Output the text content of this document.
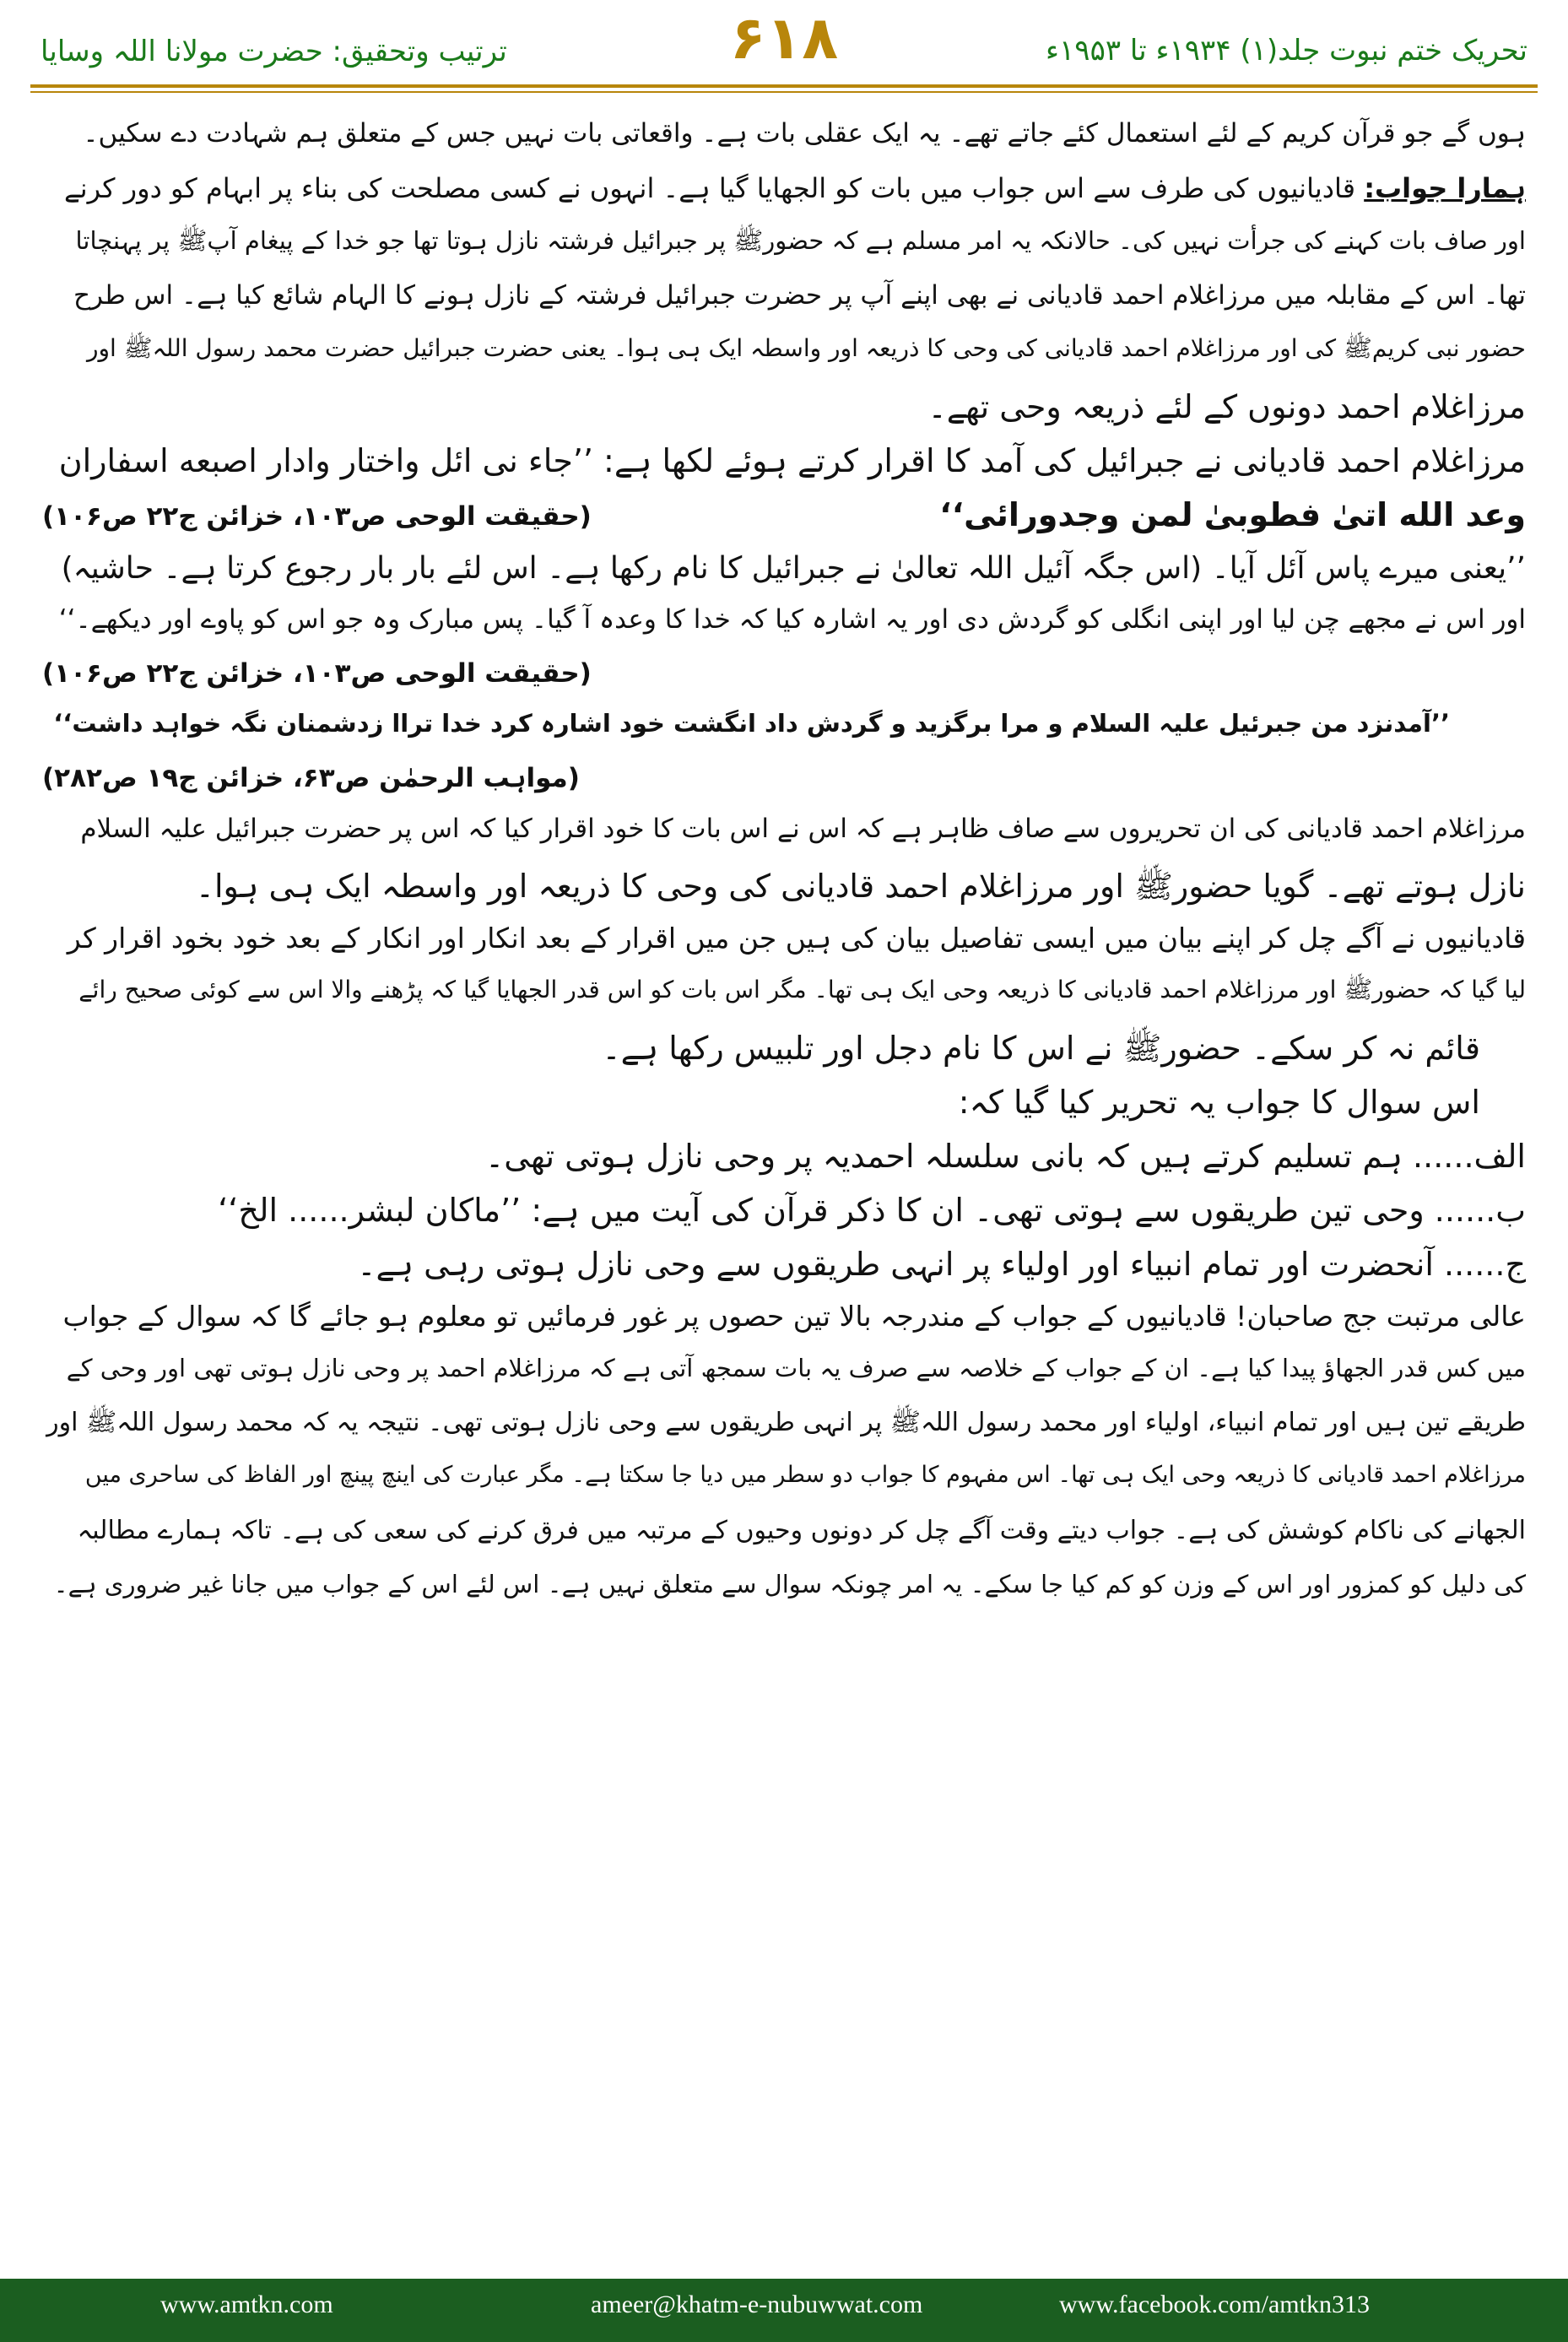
تحریک ختم نبوت جلد(۱) ۱۹۳۴ء تا ۱۹۵۳ء
۶۱۸
ترتیب وتحقیق: حضرت مولانا اللہ وسایا
ہوں گے جو قرآن کریم کے لئے استعمال کئے جاتے تھے۔ یہ ایک عقلی بات ہے۔ واقعاتی بات نہیں جس کے متعلق ہم شہادت دے سکیں۔
ہمارا جواب: قادیانیوں کی طرف سے اس جواب میں بات کو الجھایا گیا ہے۔ انہوں نے کسی مصلحت کی بناء پر ابہام کو دور کرنے
اور صاف بات کہنے کی جرأت نہیں کی۔ حالانکہ یہ امر مسلم ہے کہ حضورﷺ پر جبرائیل فرشتہ نازل ہوتا تھا جو خدا کے پیغام آپﷺ پر پہنچاتا
تھا۔ اس کے مقابلہ میں مرزاغلام احمد قادیانی نے بھی اپنے آپ پر حضرت جبرائیل فرشتہ کے نازل ہونے کا الہام شائع کیا ہے۔ اس طرح
حضور نبی کریمﷺ کی اور مرزاغلام احمد قادیانی کی وحی کا ذریعہ اور واسطہ ایک ہی ہوا۔ یعنی حضرت جبرائیل حضرت محمد رسول اللہﷺ اور
مرزاغلام احمد دونوں کے لئے ذریعہ وحی تھے۔
مرزاغلام احمد قادیانی نے جبرائیل کی آمد کا اقرار کرتے ہوئے لکھا ہے: ’’جاء نی ائل واختار وادار اصبعه اسفاران
وعد الله اتیٰ فطوبیٰ لمن وجدورائی‘‘
(حقیقت الوحی ص۱۰۳، خزائن ج۲۲ ص۱۰۶)
’’یعنی میرے پاس آئل آیا۔ (اس جگہ آئیل اللہ تعالیٰ نے جبرائیل کا نام رکھا ہے۔ اس لئے بار بار رجوع کرتا ہے۔ حاشیہ)
اور اس نے مجھے چن لیا اور اپنی انگلی کو گردش دی اور یہ اشارہ کیا کہ خدا کا وعدہ آ گیا۔ پس مبارک وہ جو اس کو پاوے اور دیکھے۔‘‘
(حقیقت الوحی ص۱۰۳، خزائن ج۲۲ ص۱۰۶)
’’آمدنزد من جبرئیل علیہ السلام و مرا برگزید و گردش داد انگشت خود اشارہ کرد خدا تراا زدشمنان نگہ خواہد داشت‘‘
(مواہب الرحمٰن ص۶۳، خزائن ج۱۹ ص۲۸۲)
مرزاغلام احمد قادیانی کی ان تحریروں سے صاف ظاہر ہے کہ اس نے اس بات کا خود اقرار کیا کہ اس پر حضرت جبرائیل علیہ السلام
نازل ہوتے تھے۔ گویا حضورﷺ اور مرزاغلام احمد قادیانی کی وحی کا ذریعہ اور واسطہ ایک ہی ہوا۔
قادیانیوں نے آگے چل کر اپنے بیان میں ایسی تفاصیل بیان کی ہیں جن میں اقرار کے بعد انکار اور انکار کے بعد خود بخود اقرار کر
لیا گیا کہ حضورﷺ اور مرزاغلام احمد قادیانی کا ذریعہ وحی ایک ہی تھا۔ مگر اس بات کو اس قدر الجھایا گیا کہ پڑھنے والا اس سے کوئی صحیح رائے
قائم نہ کر سکے۔ حضورﷺ نے اس کا نام دجل اور تلبیس رکھا ہے۔
اس سوال کا جواب یہ تحریر کیا گیا کہ:
الف...... ہم تسلیم کرتے ہیں کہ بانی سلسلہ احمدیہ پر وحی نازل ہوتی تھی۔
ب...... وحی تین طریقوں سے ہوتی تھی۔ ان کا ذکر قرآن کی آیت میں ہے: ’’ماکان لبشر...... الخ‘‘
ج...... آنحضرت اور تمام انبیاء اور اولیاء پر انہی طریقوں سے وحی نازل ہوتی رہی ہے۔
عالی مرتبت جج صاحبان! قادیانیوں کے جواب کے مندرجہ بالا تین حصوں پر غور فرمائیں تو معلوم ہو جائے گا کہ سوال کے جواب
میں کس قدر الجھاؤ پیدا کیا ہے۔ ان کے جواب کے خلاصہ سے صرف یہ بات سمجھ آتی ہے کہ مرزاغلام احمد پر وحی نازل ہوتی تھی اور وحی کے
طریقے تین ہیں اور تمام انبیاء، اولیاء اور محمد رسول اللہﷺ پر انہی طریقوں سے وحی نازل ہوتی تھی۔ نتیجہ یہ کہ محمد رسول اللہﷺ اور
مرزاغلام احمد قادیانی کا ذریعہ وحی ایک ہی تھا۔ اس مفہوم کا جواب دو سطر میں دیا جا سکتا ہے۔ مگر عبارت کی اینچ پینچ اور الفاظ کی ساحری میں
الجھانے کی ناکام کوشش کی ہے۔ جواب دیتے وقت آگے چل کر دونوں وحیوں کے مرتبہ میں فرق کرنے کی سعی کی ہے۔ تاکہ ہمارے مطالبہ
کی دلیل کو کمزور اور اس کے وزن کو کم کیا جا سکے۔ یہ امر چونکہ سوال سے متعلق نہیں ہے۔ اس لئے اس کے جواب میں جانا غیر ضروری ہے۔
www.amtkn.com	ameer@khatm-e-nubuwwat.com	www.facebook.com/amtkn313
